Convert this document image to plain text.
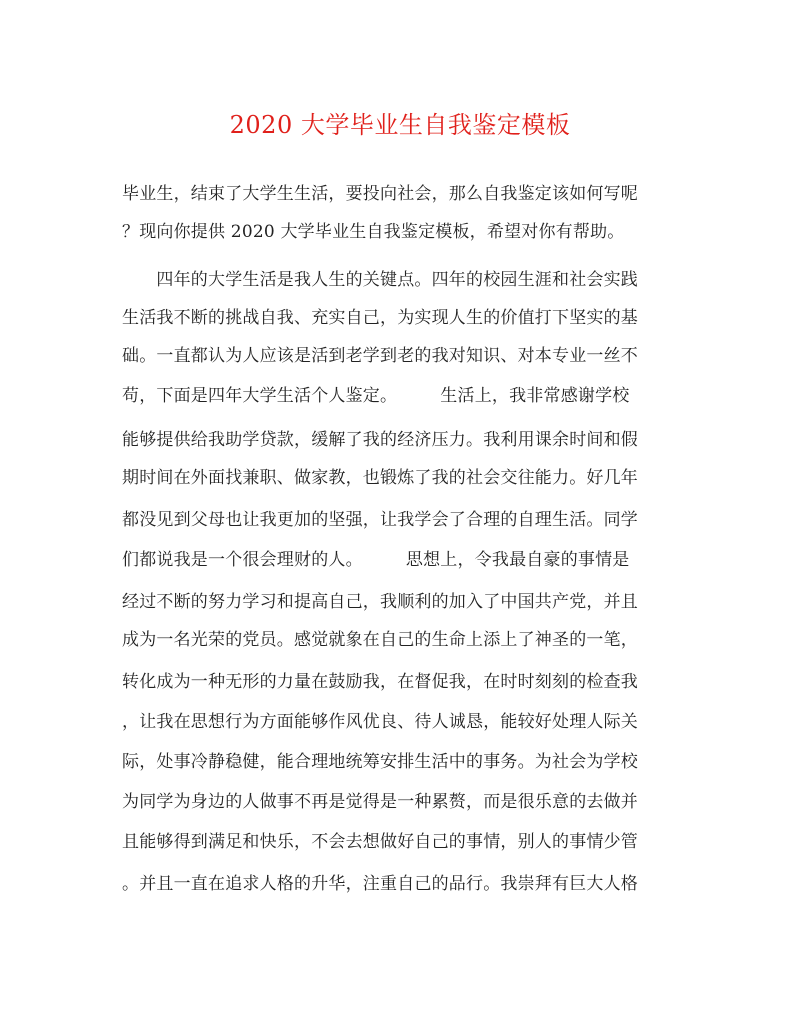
2020 大学毕业生自我鉴定模板
毕业生，结束了大学生生活，要投向社会，那么自我鉴定该如何写呢
？现向你提供 2020 大学毕业生自我鉴定模板，希望对你有帮助。
　　四年的大学生活是我人生的关键点。四年的校园生涯和社会实践
生活我不断的挑战自我、充实自己，为实现人生的价值打下坚实的基
础。一直都认为人应该是活到老学到老的我对知识、对本专业一丝不
苟，下面是四年大学生活个人鉴定。　　　生活上，我非常感谢学校
能够提供给我助学贷款，缓解了我的经济压力。我利用课余时间和假
期时间在外面找兼职、做家教，也锻炼了我的社会交往能力。好几年
都没见到父母也让我更加的坚强，让我学会了合理的自理生活。同学
们都说我是一个很会理财的人。　　　思想上，令我最自豪的事情是
经过不断的努力学习和提高自己，我顺利的加入了中国共产党，并且
成为一名光荣的党员。感觉就象在自己的生命上添上了神圣的一笔，
转化成为一种无形的力量在鼓励我，在督促我，在时时刻刻的检查我
，让我在思想行为方面能够作风优良、待人诚恳，能较好处理人际关
际，处事冷静稳健，能合理地统筹安排生活中的事务。为社会为学校
为同学为身边的人做事不再是觉得是一种累赘，而是很乐意的去做并
且能够得到满足和快乐，不会去想做好自己的事情，别人的事情少管
。并且一直在追求人格的升华，注重自己的品行。我崇拜有巨大人格
